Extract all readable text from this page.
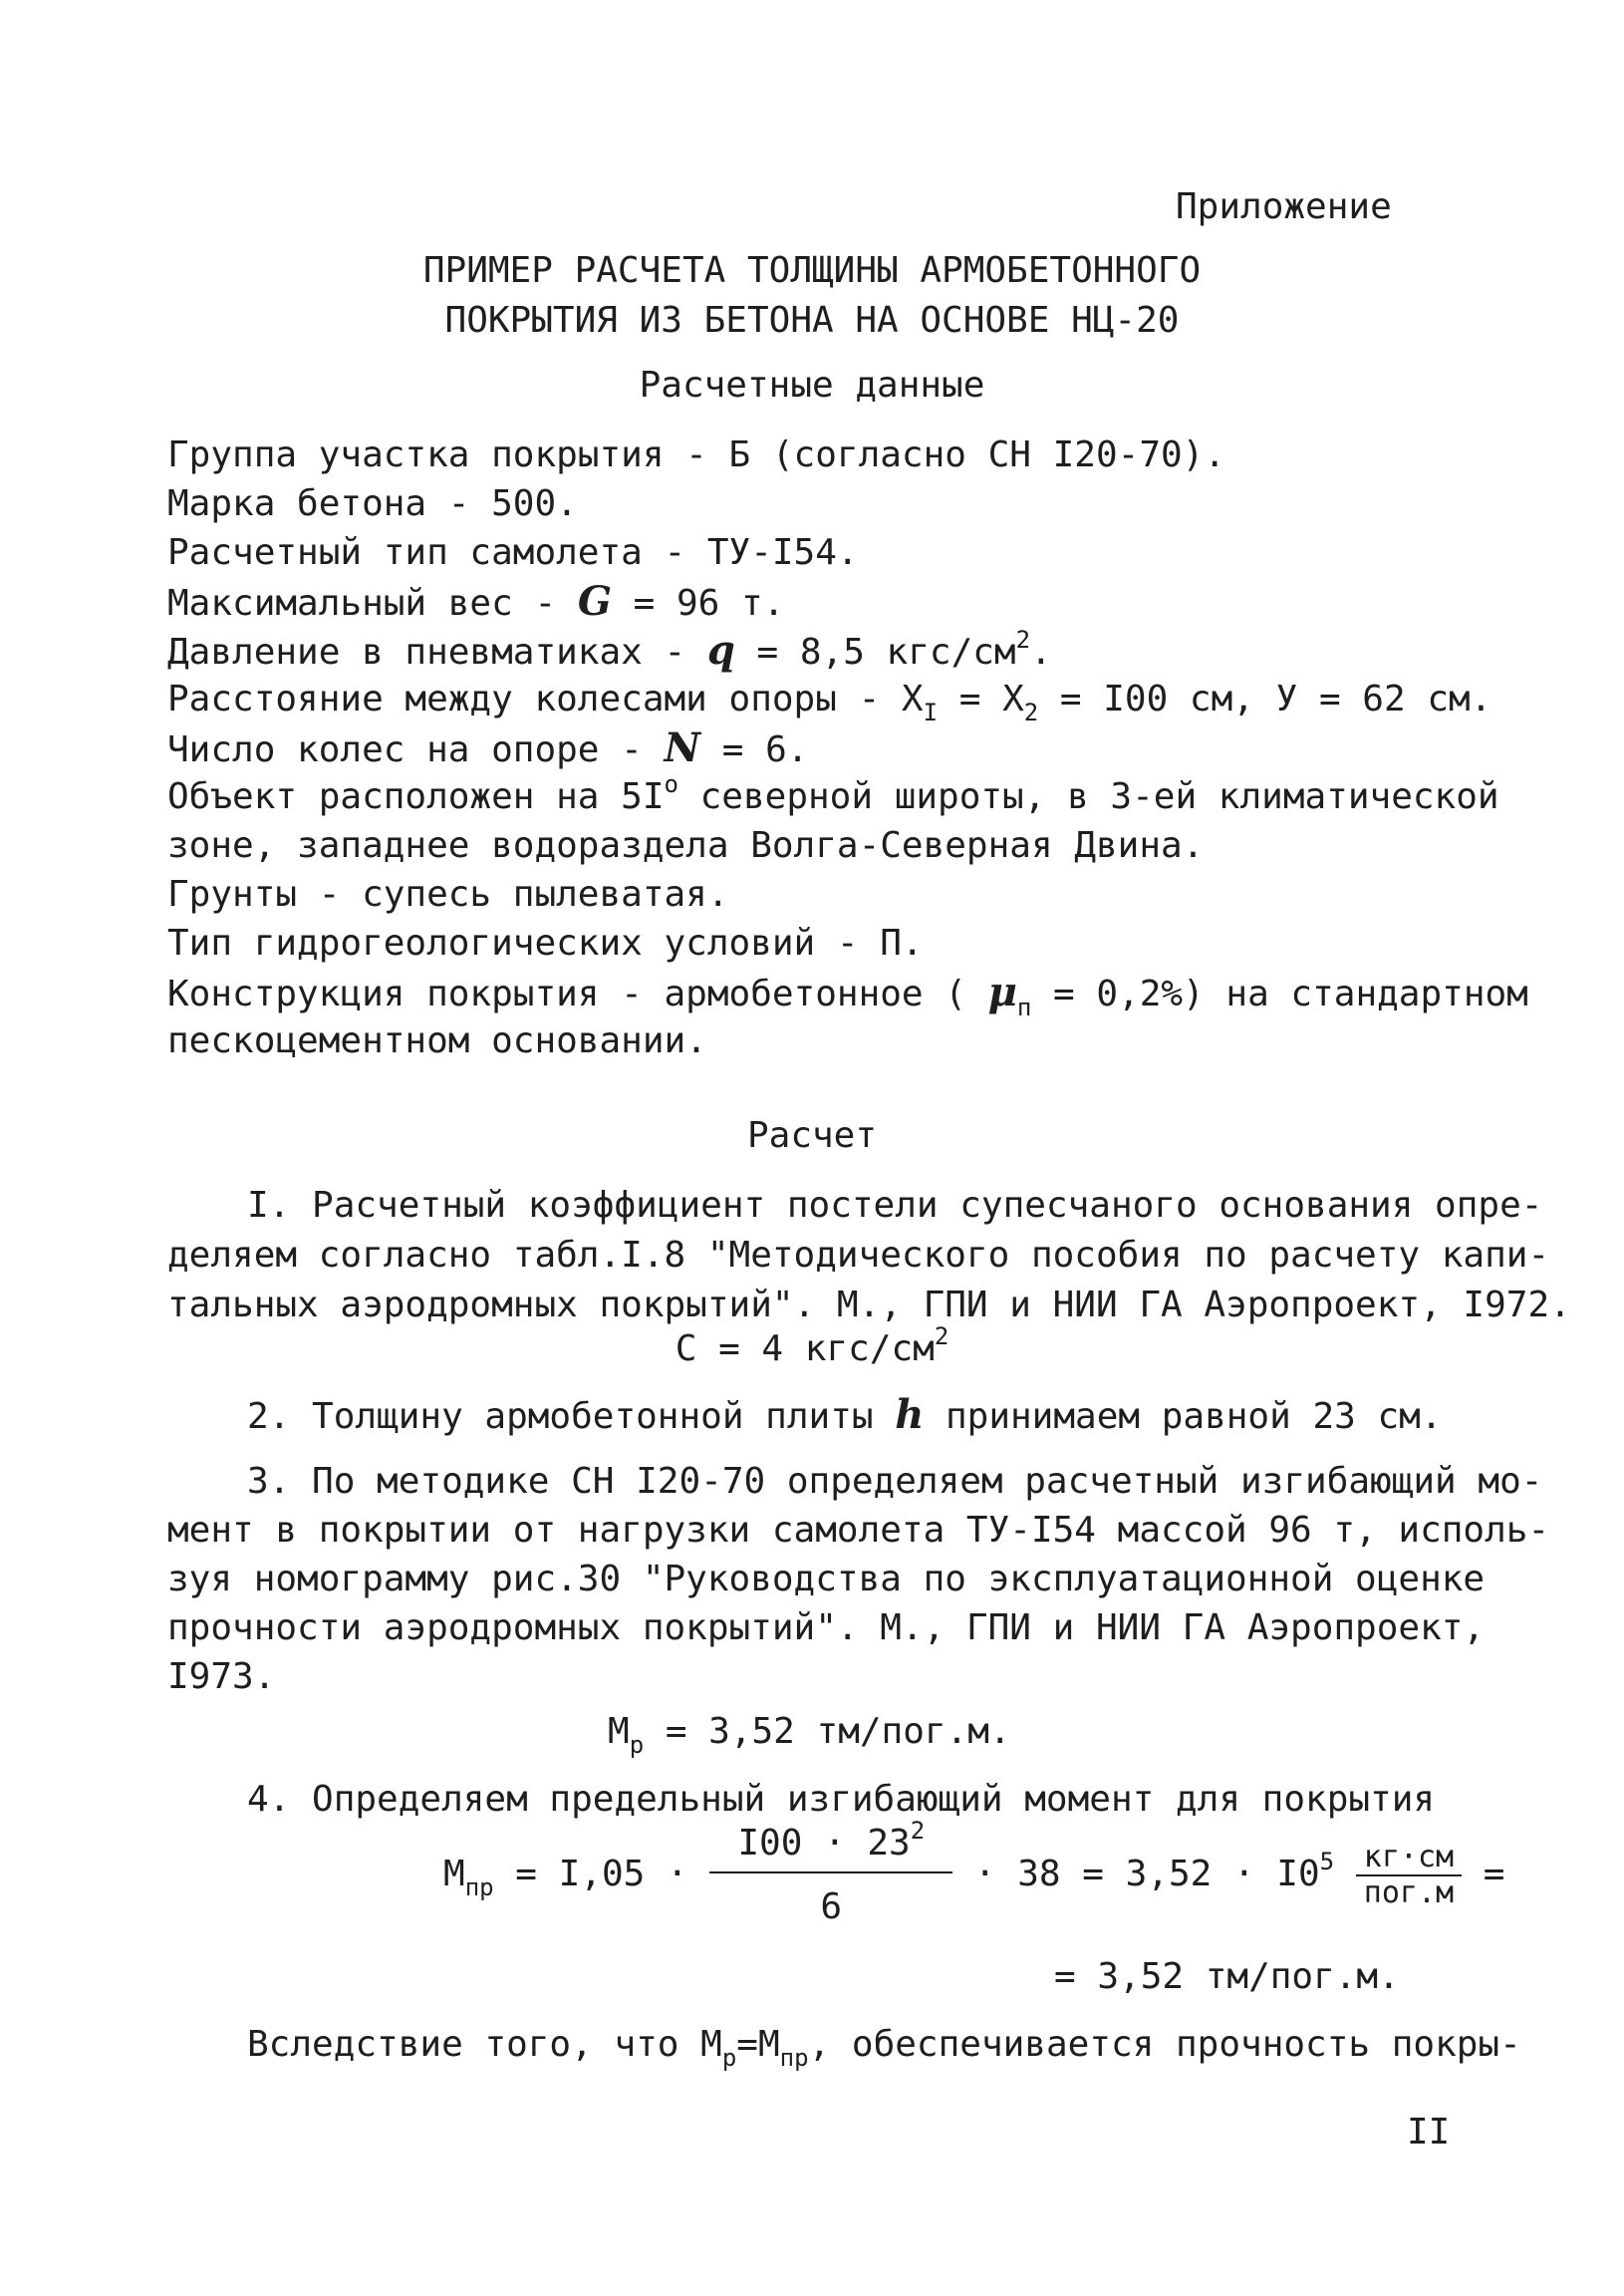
Приложение
ПРИМЕР РАСЧЕТА ТОЛЩИНЫ АРМОБЕТОННОГО
ПОКРЫТИЯ ИЗ БЕТОНА НА ОСНОВЕ НЦ-20
Расчетные данные
Группа участка покрытия - Б (согласно СН I20-70).
Марка бетона - 500.
Расчетный тип самолета - ТУ-I54.
Максимальный вес - G = 96 т.
Давление в пневматиках - q = 8,5 кгс/$см^2$.
Расстояние между колесами опоры - $X_I = X_2 = I00$ см, У = 62 см.
Число колес на опоре - N = 6.
Объект расположен на $5I^о$ северной широты, в 3-ей климатической
зоне, западнее водораздела Волга-Северная Двина.
Грунты - супесь пылеватая.
Тип гидрогеологических условий - П.
Конструкция покрытия - армобетонное ( $\mu_п = 0,2\%$) на стандартном
пескоцементном основании.
Расчет
I. Расчетный коэффициент постели супесчаного основания опре-
деляем согласно табл.I.8 "Методического пособия по расчету капи-
тальных аэродромных покрытий". М., ГПИ и НИИ ГА Аэропроект, I972.
С = 4 кгс/$см^2$
2. Толщину армобетонной плиты h принимаем равной 23 см.
3. По методике СН I20-70 определяем расчетный изгибающий мо-
мент в покрытии от нагрузки самолета ТУ-I54 массой 96 т, исполь-
зуя номограмму рис.30 "Руководства по эксплуатационной оценке
прочности аэродромных покрытий". М., ГПИ и НИИ ГА Аэропроект,
I973.
$M_р = 3,52$ тм/пог.м.
4. Определяем предельный изгибающий момент для покрытия
$M_{пр} = I,05 \cdot \frac{I00 \cdot 23^2}{6} \cdot 38 = 3,52 \cdot I0^5 \frac{кг\cdot см}{\text{пог.м}}$ =
= 3,52 тм/пог.м.
Вследствие того, что $M_р=M_{пр}$, обеспечивается прочность покры-
II
